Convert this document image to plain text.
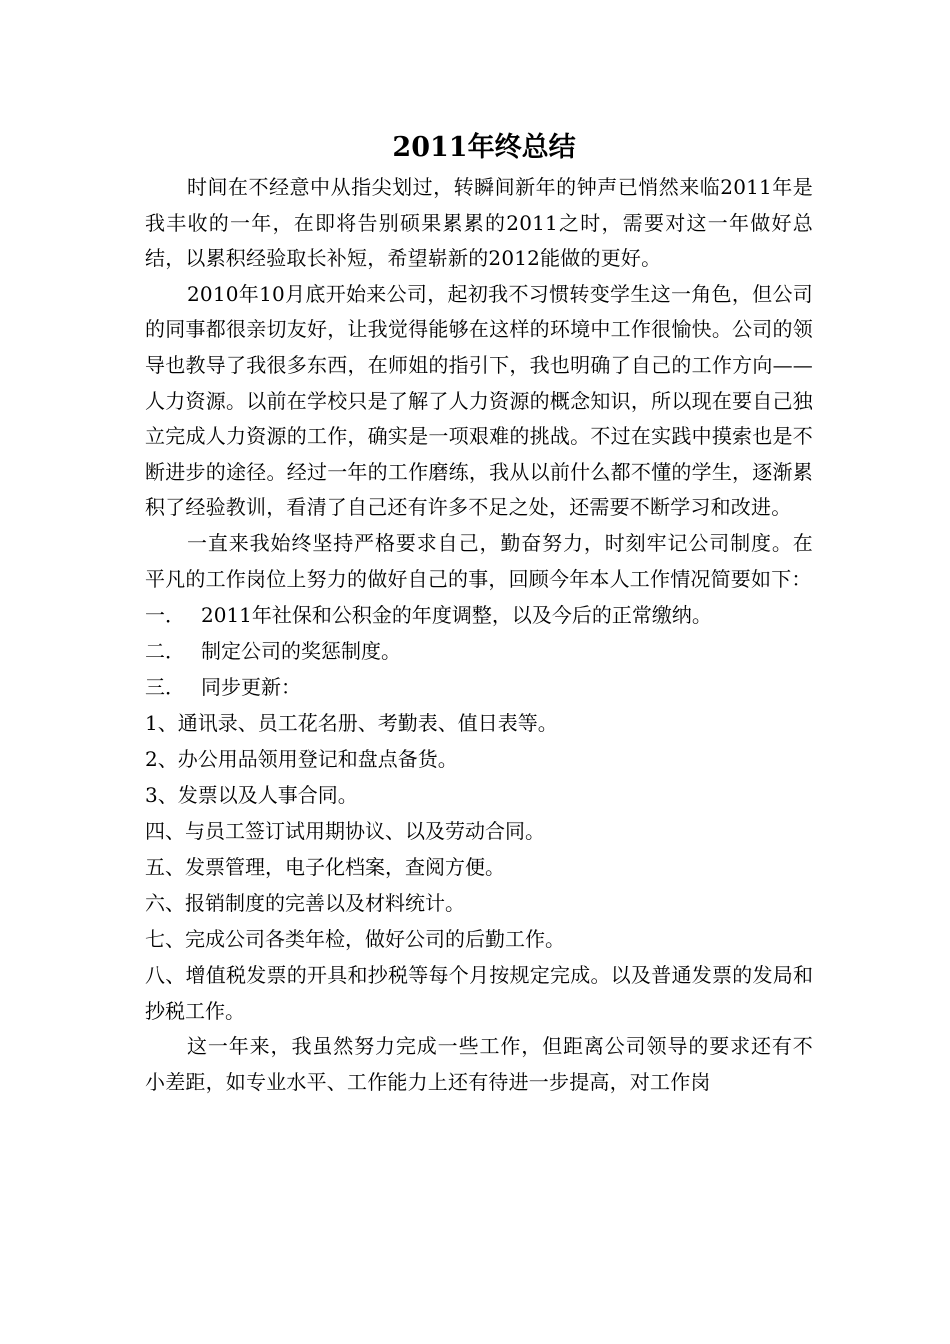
2011年终总结

时间在不经意中从指尖划过，转瞬间新年的钟声已悄然来临2011年是我丰收的一年，在即将告别硕果累累的2011之时，需要对这一年做好总结，以累积经验取长补短，希望崭新的2012能做的更好。

2010年10月底开始来公司，起初我不习惯转变学生这一角色，但公司的同事都很亲切友好，让我觉得能够在这样的环境中工作很愉快。公司的领导也教导了我很多东西，在师姐的指引下，我也明确了自己的工作方向——人力资源。以前在学校只是了解了人力资源的概念知识，所以现在要自己独立完成人力资源的工作，确实是一项艰难的挑战。不过在实践中摸索也是不断进步的途径。经过一年的工作磨练，我从以前什么都不懂的学生，逐渐累积了经验教训，看清了自己还有许多不足之处，还需要不断学习和改进。

一直来我始终坚持严格要求自己，勤奋努力，时刻牢记公司制度。在平凡的工作岗位上努力的做好自己的事，回顾今年本人工作情况简要如下：

一． 2011年社保和公积金的年度调整，以及今后的正常缴纳。

二． 制定公司的奖惩制度。

三． 同步更新：

1、通讯录、员工花名册、考勤表、值日表等。

2、办公用品领用登记和盘点备货。

3、发票以及人事合同。

四、与员工签订试用期协议、以及劳动合同。

五、发票管理，电子化档案，查阅方便。

六、报销制度的完善以及材料统计。

七、完成公司各类年检，做好公司的后勤工作。

八、增值税发票的开具和抄税等每个月按规定完成。以及普通发票的发局和抄税工作。

这一年来，我虽然努力完成一些工作，但距离公司领导的要求还有不小差距，如专业水平、工作能力上还有待进一步提高，对工作岗
